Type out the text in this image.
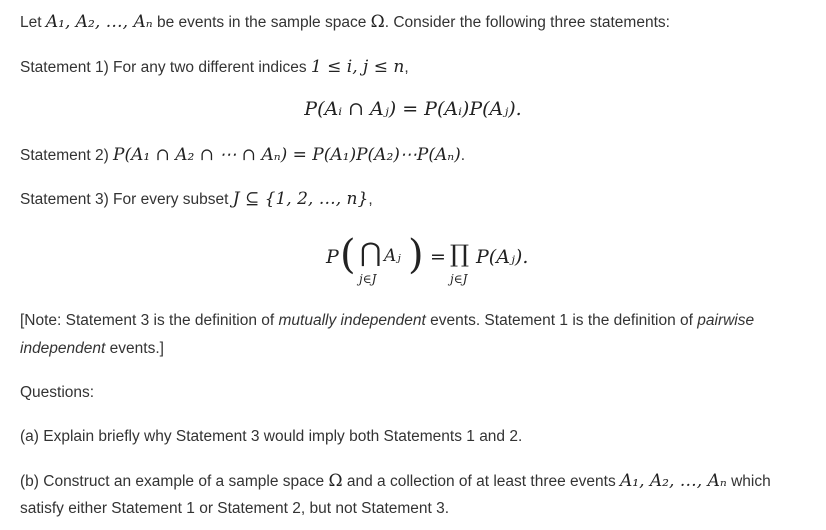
Let A₁, A₂, …, Aₙ be events in the sample space Ω. Consider the following three statements:
Statement 1) For any two different indices 1 ≤ i, j ≤ n,
P(Aᵢ ∩ Aⱼ) = P(Aᵢ)P(Aⱼ).
Statement 2) P(A₁ ∩ A₂ ∩ ⋯ ∩ Aₙ) = P(A₁)P(A₂)⋯P(Aₙ).
Statement 3) For every subset J ⊆ {1, 2, …, n},
P ( ⋂ Aⱼ
j∈J
) = ∏ P(Aⱼ).
j∈J
[Note: Statement 3 is the definition of mutually independent events. Statement 1 is the definition of pairwise
independent events.]
Questions:
(a) Explain briefly why Statement 3 would imply both Statements 1 and 2.
(b) Construct an example of a sample space Ω and a collection of at least three events A₁, A₂, …, Aₙ which
satisfy either Statement 1 or Statement 2, but not Statement 3.
